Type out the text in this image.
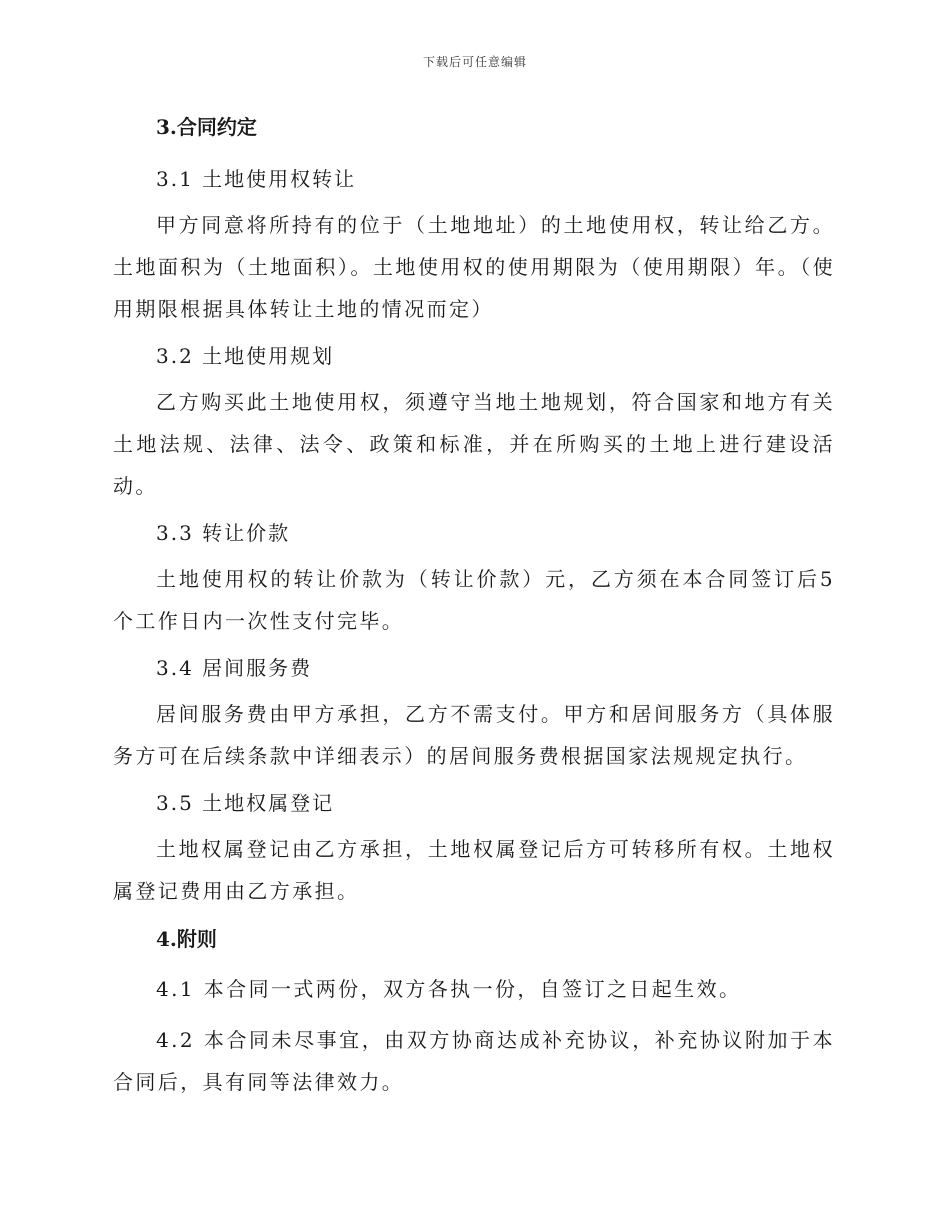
下载后可任意编辑
3.合同约定
3.1 土地使用权转让

甲方同意将所持有的位于（土地地址）的土地使用权，转让给乙方。土地面积为（土地面积）。土地使用权的使用期限为（使用期限）年。（使用期限根据具体转让土地的情况而定）

3.2 土地使用规划

乙方购买此土地使用权，须遵守当地土地规划，符合国家和地方有关土地法规、法律、法令、政策和标准，并在所购买的土地上进行建设活动。

3.3 转让价款

土地使用权的转让价款为（转让价款）元，乙方须在本合同签订后5个工作日内一次性支付完毕。

3.4 居间服务费

居间服务费由甲方承担，乙方不需支付。甲方和居间服务方（具体服务方可在后续条款中详细表示）的居间服务费根据国家法规规定执行。

3.5 土地权属登记

土地权属登记由乙方承担，土地权属登记后方可转移所有权。土地权属登记费用由乙方承担。

4.附则

4.1 本合同一式两份，双方各执一份，自签订之日起生效。

4.2 本合同未尽事宜，由双方协商达成补充协议，补充协议附加于本合同后，具有同等法律效力。
